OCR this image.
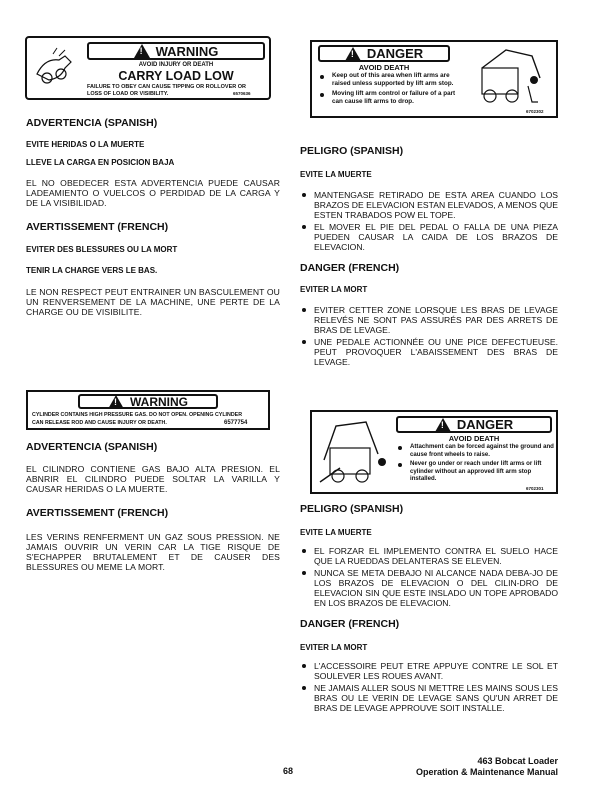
!
WARNING
AVOID INJURY OR DEATH
CARRY LOAD LOW
FAILURE TO OBEY CAN CAUSE TIPPING OR ROLLOVER OR LOSS OF LOAD OR VISIBILITY.	6570636
!
DANGER
AVOID DEATH
Keep out of this area when lift arms are raised unless supported by lift arm stop.
Moving lift arm control or failure of a part can cause lift arms to drop.
6702302
ADVERTENCIA (SPANISH)
EVITE HERIDAS O LA MUERTE
LLEVE LA CARGA EN POSICION BAJA
EL NO OBEDECER ESTA ADVERTENCIA PUEDE CAUSAR LADEAMIENTO O VUELCOS O PERDIDAD DE LA CARGA Y DE LA VISIBILIDAD.
AVERTISSEMENT (FRENCH)
EVITER DES BLESSURES OU LA MORT
TENIR LA CHARGE VERS LE BAS.
LE NON RESPECT PEUT ENTRAINER UN BASCULEMENT OU UN RENVERSEMENT DE LA MACHINE, UNE PERTE DE LA CHARGE OU DE VISIBILITE.
PELIGRO (SPANISH)
EVITE LA MUERTE
MANTENGASE RETIRADO DE ESTA AREA CUANDO LOS BRAZOS DE ELEVACION ESTAN ELEVADOS, A MENOS QUE ESTEN TRABADOS POW EL TOPE.
EL MOVER EL PIE DEL PEDAL O FALLA DE UNA PIEZA PUEDEN CAUSAR LA CAIDA DE LOS BRAZOS DE ELEVACION.
DANGER (FRENCH)
EVITER LA MORT
EVITER CETTER ZONE LORSQUE LES BRAS DE LEVAGE RELEVÉS NE SONT PAS ASSURÉS PAR DES ARRETS DE BRAS DE LEVAGE.
UNE PEDALE ACTIONNÉE OU UNE PICE DEFECTUEUSE. PEUT PROVOQUER L'ABAISSEMENT DES BRAS DE LEVAGE.
!
WARNING
CYLINDER CONTAINS HIGH PRESSURE GAS. DO NOT OPEN. OPENING CYLINDER
CAN RELEASE ROD AND CAUSE INJURY OR DEATH.	6577754 !	DANGER
AVOID DEATH
Attachment can be forced against the ground and cause front wheels to raise.
Never go under or reach under lift arms or lift cylinder without an approved lift arm stop installed.
6702301
ADVERTENCIA (SPANISH)
EL CILINDRO CONTIENE GAS BAJO ALTA PRESION. EL ABNRIR EL CILINDRO PUEDE SOLTAR LA VARILLA Y CAUSAR HERIDAS O LA MUERTE.
AVERTISSEMENT (FRENCH)
LES VERINS RENFERMENT UN GAZ SOUS PRESSION. NE JAMAIS OUVRIR UN VERIN CAR LA TIGE RISQUE DE S'ECHAPPER BRUTALEMENT ET DE CAUSER DES BLESSURES OU MEME LA MORT.
PELIGRO (SPANISH)
EVITE LA MUERTE
EL FORZAR EL IMPLEMENTO CONTRA EL SUELO HACE QUE LA RUEDDAS DELANTERAS SE ELEVEN.
NUNCA SE META DEBAJO NI ALCANCE NADA DEBA-JO DE LOS BRAZOS DE ELEVACION O DEL CILIN-DRO DE ELEVACION SIN QUE ESTE INSLADO UN TOPE APROBADO EN LOS BRAZOS DE ELEVACION.
DANGER (FRENCH)
EVITER LA MORT
L'ACCESSOIRE PEUT ETRE APPUYE CONTRE LE SOL ET SOULEVER LES ROUES AVANT.
NE JAMAIS ALLER SOUS NI METTRE LES MAINS SOUS LES BRAS OU LE VERIN DE LEVAGE SANS QU'UN ARRET DE BRAS DE LEVAGE APPROUVE SOIT INSTALLE.
68
463 Bobcat Loader
Operation & Maintenance Manual
